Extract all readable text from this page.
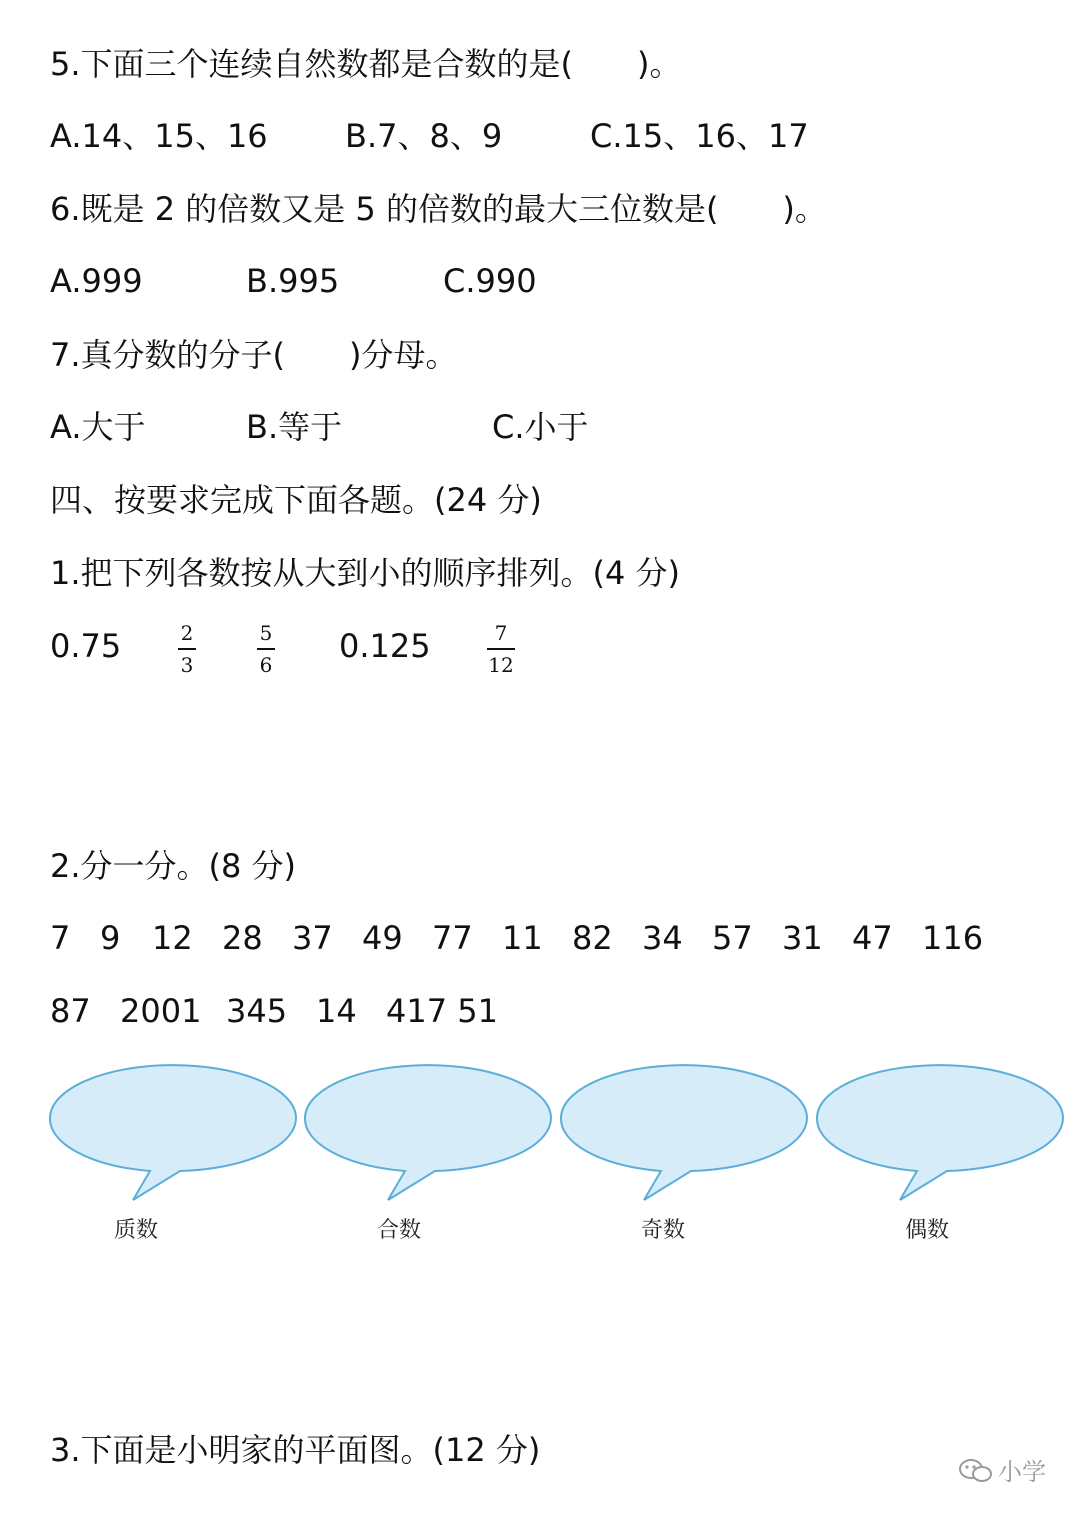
5.下面三个连续自然数都是合数的是(　　)。
A.14、15、16 B.7、8、9	C.15、16、17
6.既是 2 的倍数又是 5 的倍数的最大三位数是(　　)。
A.999	B.995	C.990
7.真分数的分子(　　)分母。
A.大于	B.等于	C.小于
四、按要求完成下面各题。(24 分)
1.把下列各数按从大到小的顺序排列。(4 分)
0.75	2
3
5
6	0.125	7
12
2.分一分。(8 分)
7 9 12 28 37 49 77 11 82 34 57 31 47 116
87 2001 345 14 417 51
质数	合数	奇数	偶数
3.下面是小明家的平面图。(12 分)
小学
